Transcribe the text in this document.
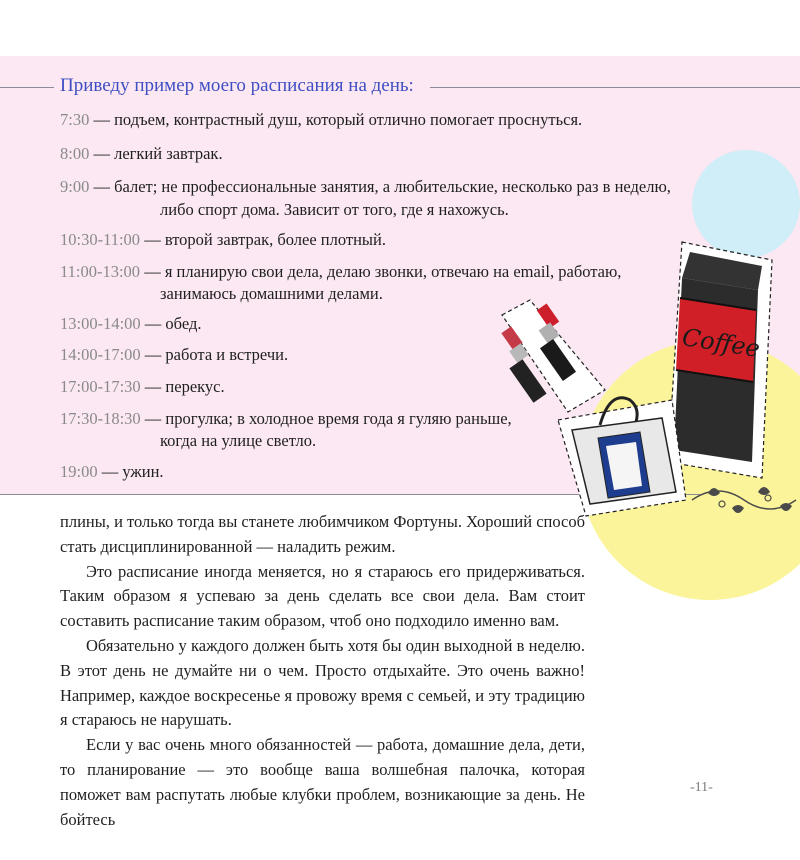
Приведу пример моего расписания на день:
7:30 — подъем, контрастный душ, который отлично помогает проснуться.
8:00 — легкий завтрак.
9:00 — балет; не профессиональные занятия, а любительские, несколько раз в неделю,
либо спорт дома. Зависит от того, где я нахожусь.
10:30-11:00 — второй завтрак, более плотный.
11:00-13:00 — я планирую свои дела, делаю звонки, отвечаю на email, работаю,
занимаюсь домашними делами.
13:00-14:00 — обед.
14:00-17:00 — работа и встречи.
17:00-17:30 — перекус.
17:30-18:30 — прогулка; в холодное время года я гуляю раньше,
когда на улице светло.
19:00 — ужин.
Coffee

плины, и только тогда вы станете любимчиком Фортуны. Хороший способ стать дисциплинированной — наладить режим.

Это расписание иногда меняется, но я стараюсь его придерживаться. Таким образом я успеваю за день сделать все свои дела. Вам стоит составить расписание таким образом, чтоб оно подходило именно вам.

Обязательно у каждого должен быть хотя бы один выходной в неделю. В этот день не думайте ни о чем. Просто отдыхайте. Это очень важно! Например, каждое воскресенье я провожу время с семьей, и эту традицию я стараюсь не нарушать.

Если у вас очень много обязанностей — работа, домашние дела, дети, то планирование — это вообще ваша волшебная палочка, которая поможет вам распутать любые клубки проблем, возникающие за день. Не бойтесь

-11-
